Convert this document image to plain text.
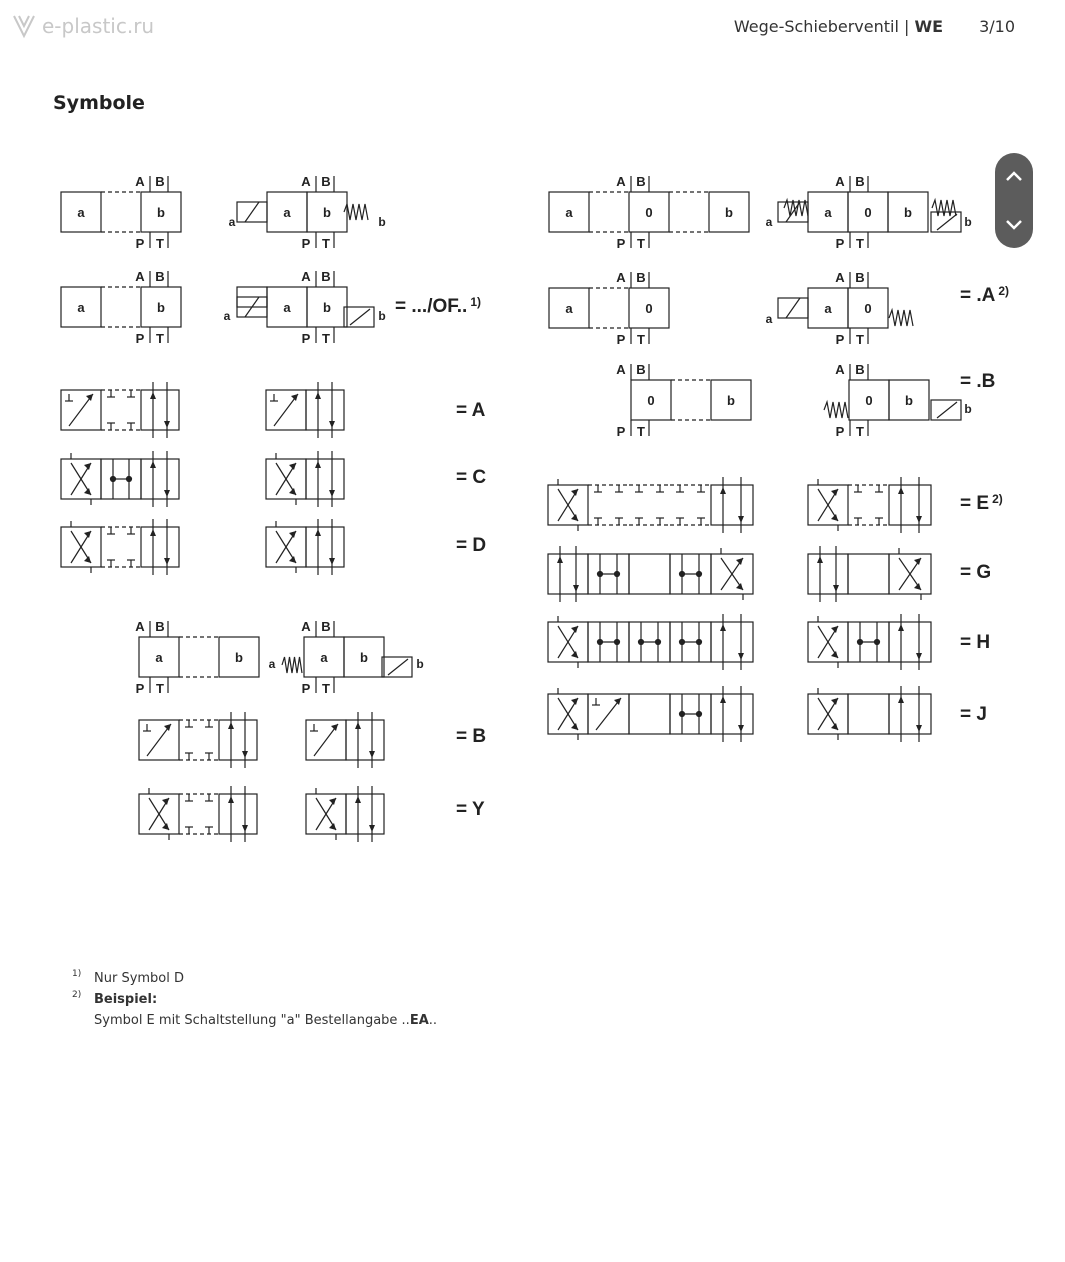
e-plastic.ru	Wege-Schieberventil | WE 3/10
Symbole
a	b
A B
P T
a b
a	b
A B
P T
a	b
A B
P T
a b
a	b
A B
P T
= .../OF.. $^{1)}$
= A
= C
= D
a	b
A B
P T
a b
a	b
A B
P T
= B
= Y
a	0	b
A B
P T
a	0 b
a	b
A B
P T
a	0
A B
P T
a	0
a
A B
P T
= .A $^{2)}$
0	b
A B
P T
0 b
b
A B
P T
= .B
= E $^{2)}$
= G
= H
= J
1) Nur Symbol D
2) Beispiel:
Symbol E mit Schaltstellung "a" Bestellangabe ..EA..
